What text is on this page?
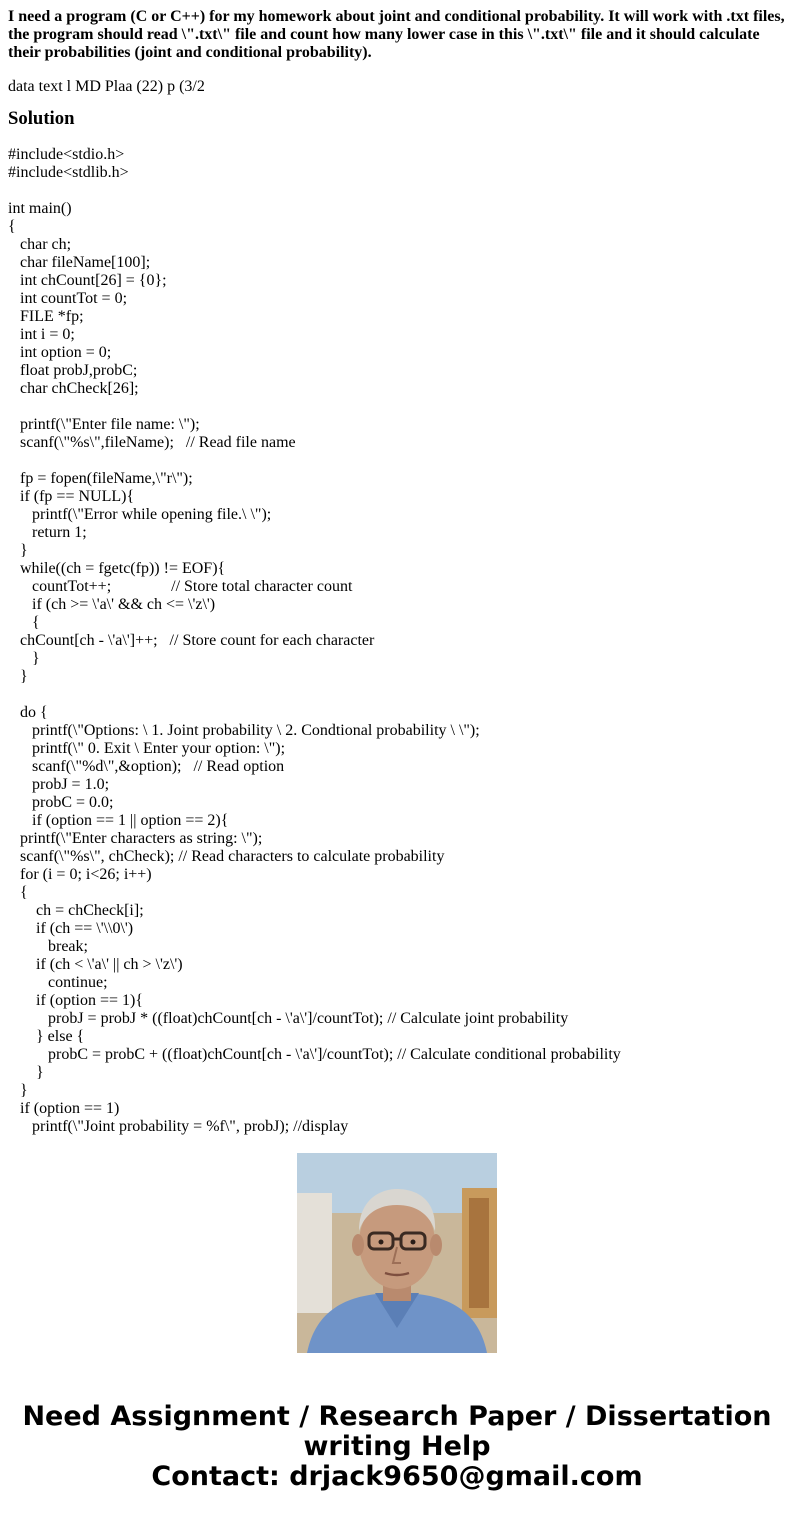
I need a program (C or C++) for my homework about joint and conditional probability. It will work with .txt files, the program should read \".txt\" file and count how many lower case in this \".txt\" file and it should calculate their probabilities (joint and conditional probability).
data text l MD Plaa (22) p (3/2
Solution
#include<stdio.h>
#include<stdlib.h>
int main()
{
char ch;
char fileName[100];
int chCount[26] = {0};
int countTot = 0;
FILE *fp;
int i = 0;
int option = 0;
float probJ,probC;
char chCheck[26];
printf(\"Enter file name: \");
scanf(\"%s\",fileName);   // Read file name
fp = fopen(fileName,\"r\");
if (fp == NULL){
printf(\"Error while opening file.\ \");
return 1;
}
while((ch = fgetc(fp)) != EOF){
countTot++;               // Store total character count
if (ch >= \'a\' && ch <= \'z\')
{
chCount[ch - \'a\']++;   // Store count for each character
}
}
do {
printf(\"Options: \ 1. Joint probability \ 2. Condtional probability \ \");
printf(\" 0. Exit \ Enter your option: \");
scanf(\"%d\",&option);   // Read option
probJ = 1.0;
probC = 0.0;
if (option == 1 || option == 2){
printf(\"Enter characters as string: \");
scanf(\"%s\", chCheck); // Read characters to calculate probability
for (i = 0; i<26; i++)
{
ch = chCheck[i];
if (ch == \'\\0\')
break;
if (ch < \'a\' || ch > \'z\')
continue;
if (option == 1){
probJ = probJ * ((float)chCount[ch - \'a\']/countTot); // Calculate joint probability
} else {
probC = probC + ((float)chCount[ch - \'a\']/countTot); // Calculate conditional probability
}
}
if (option == 1)
printf(\"Joint probability = %f\", probJ); //display
Need Assignment / Research Paper / Dissertation
writing Help
Contact: drjack9650@gmail.com
